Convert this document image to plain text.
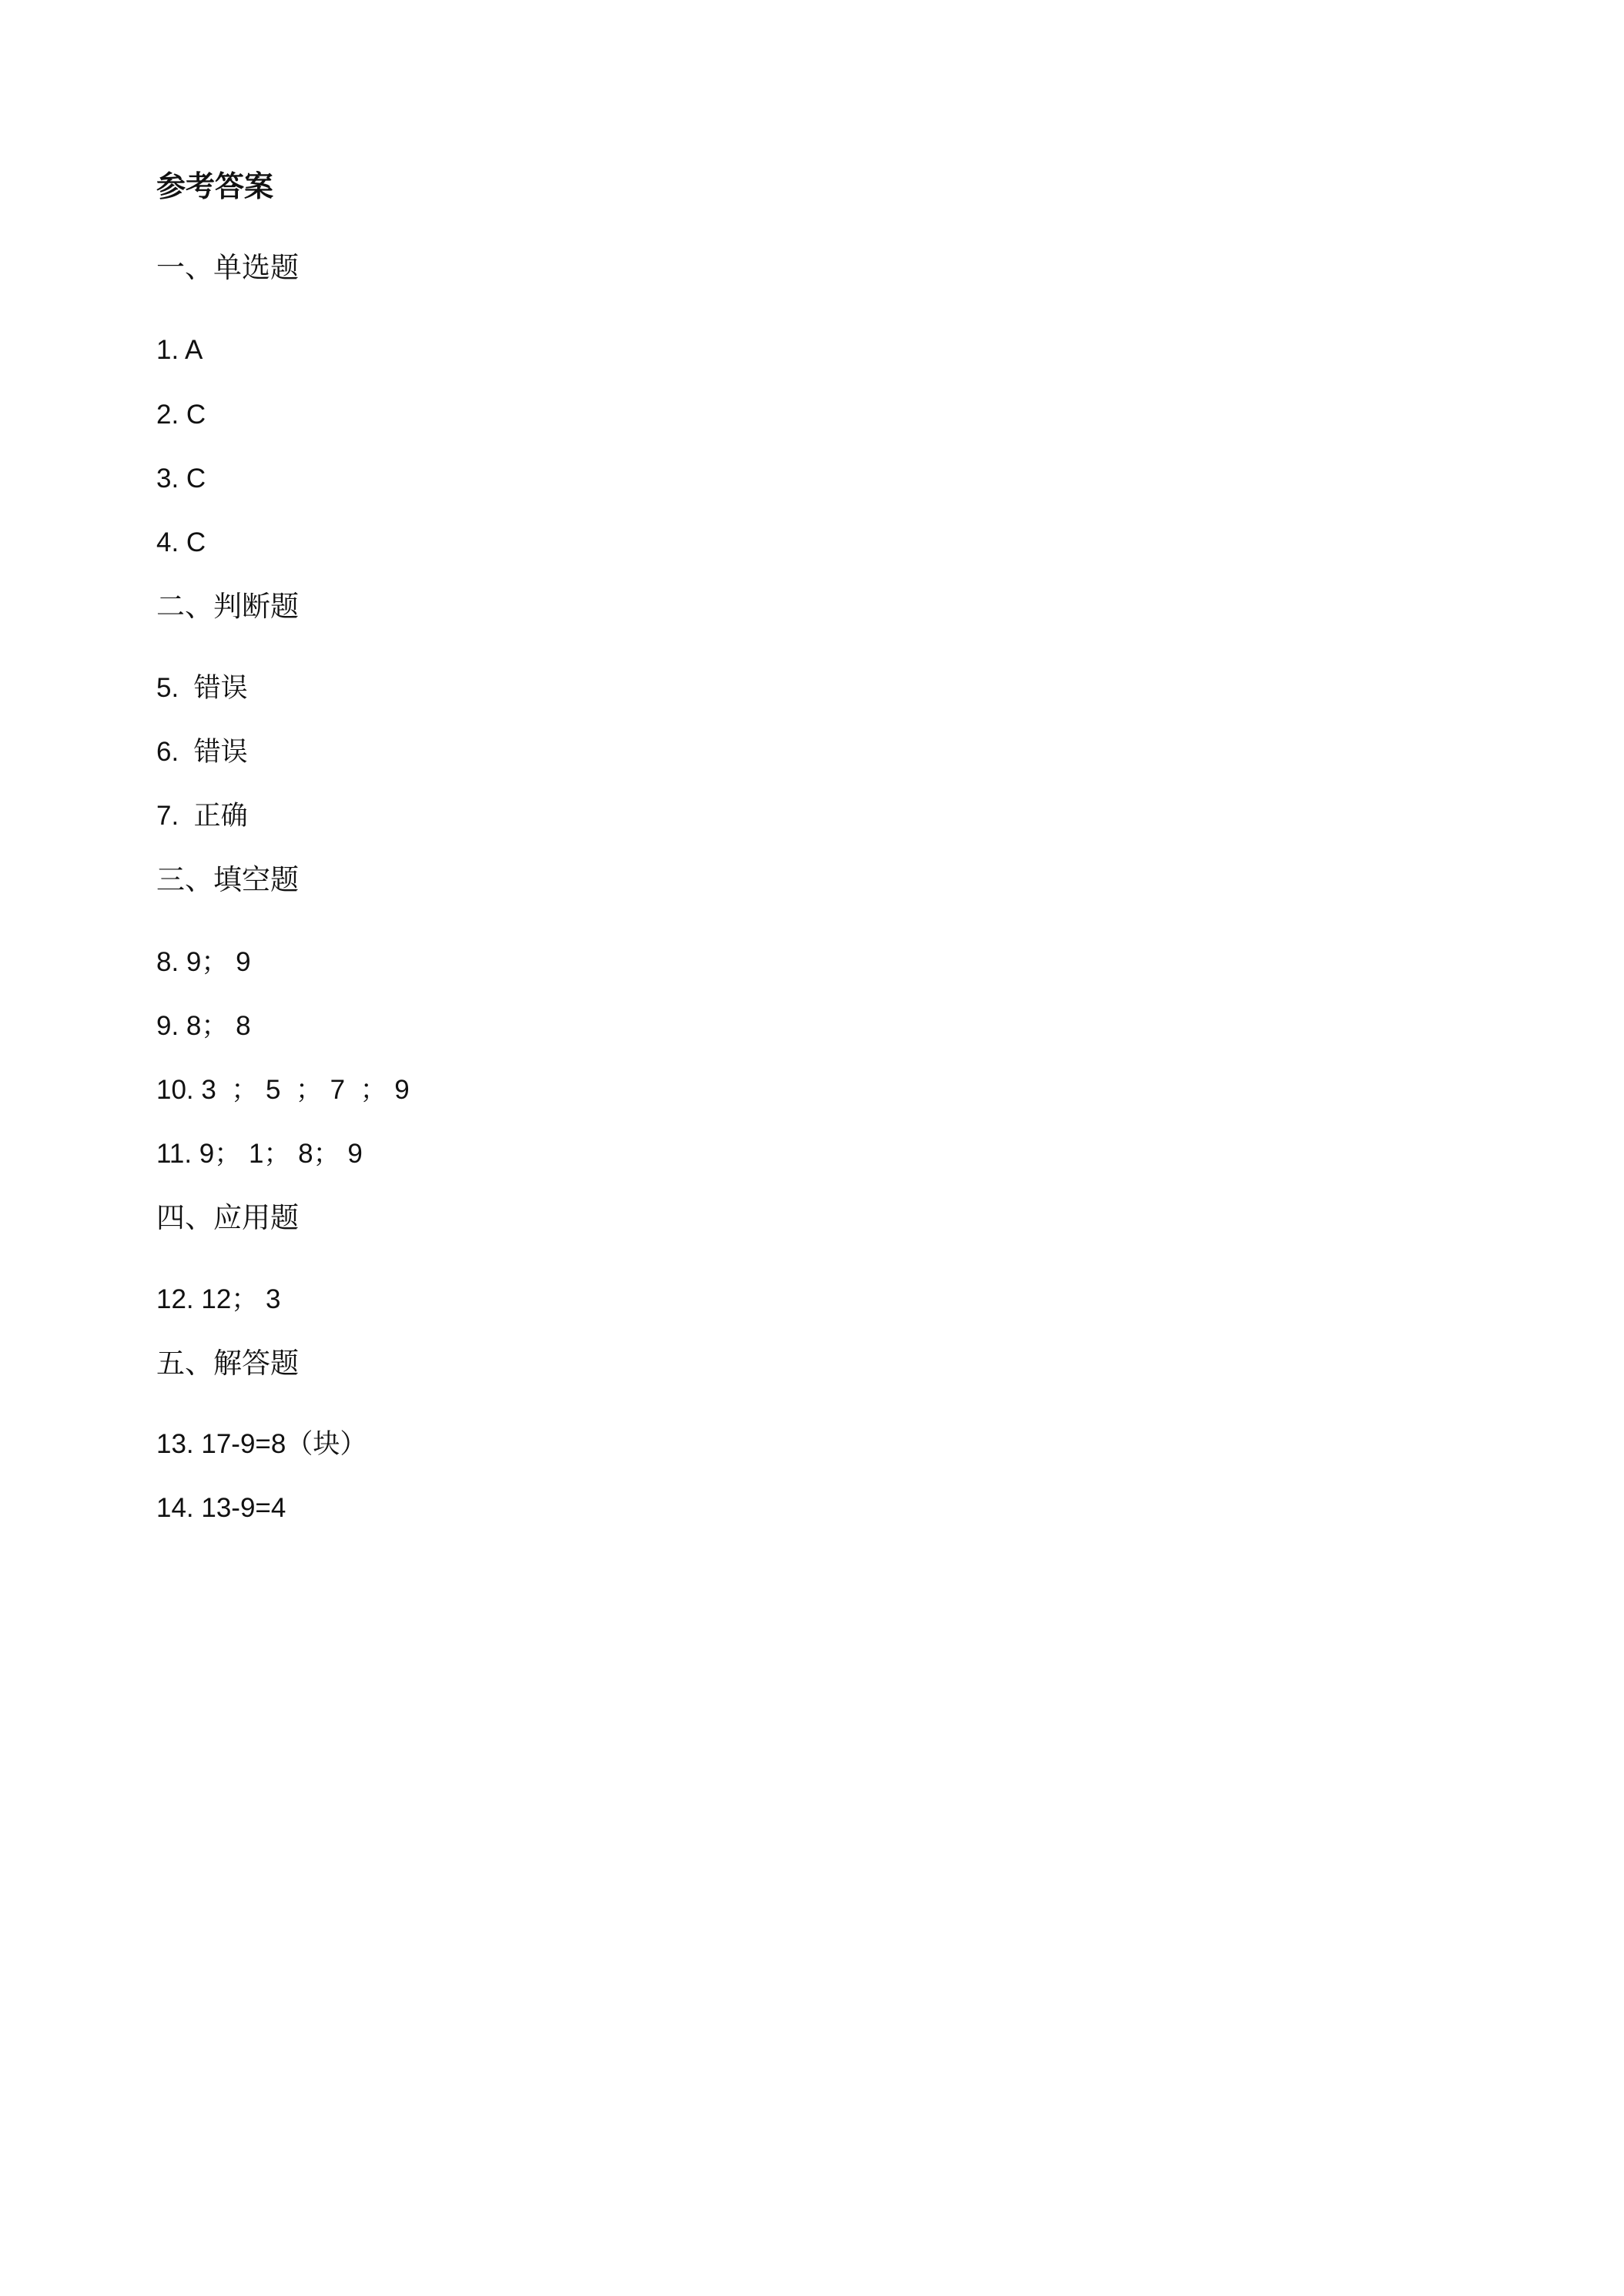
参考答案
一、单选题
1. A
2. C
3. C
4. C
二、判断题
5.  错误
6.  错误
7.  正确
三、填空题
8. 9； 9
9. 8； 8
10. 3  ； 5  ； 7  ； 9
11. 9； 1； 8； 9
四、应用题
12. 12； 3
五、解答题
13. 17-9=8（块）
14. 13-9=4
